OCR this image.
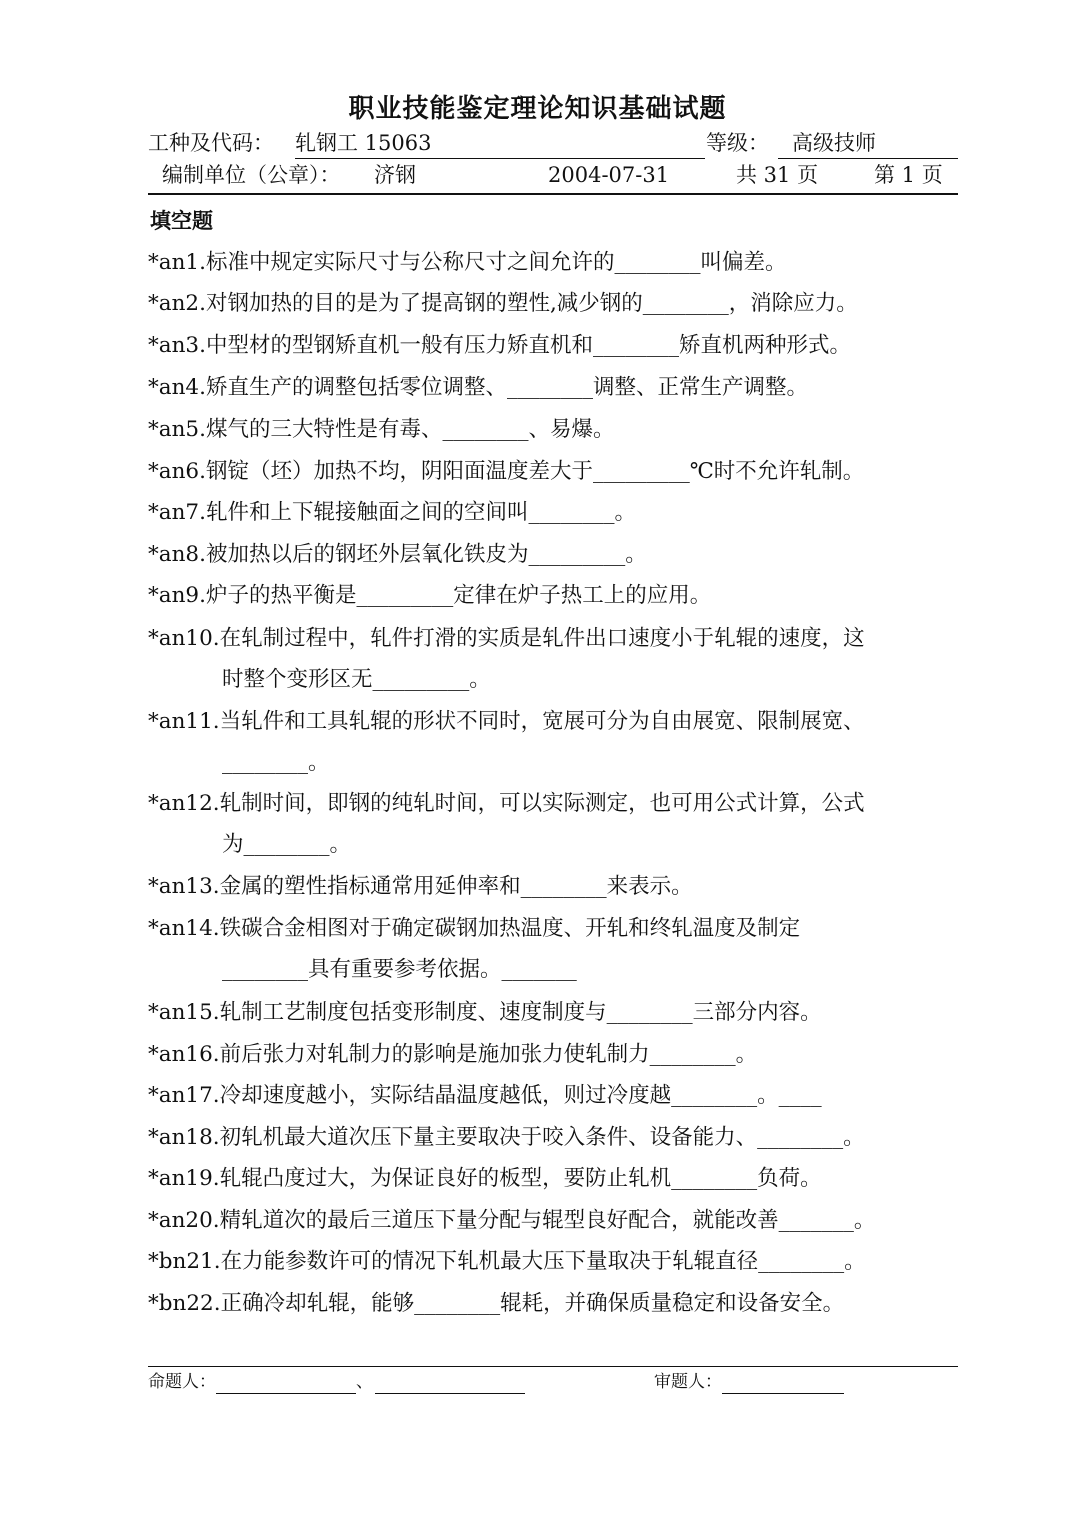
职业技能鉴定理论知识基础试题
工种及代码： 轧钢工 15063	等级：	高级技师
编制单位（公章）： 济钢	2004-07-31	共 31 页	第 1 页
填空题
*an1.标准中规定实际尺寸与公称尺寸之间允许的________叫偏差。
*an2.对钢加热的目的是为了提高钢的塑性,减少钢的________，消除应力。
*an3.中型材的型钢矫直机一般有压力矫直机和________矫直机两种形式。
*an4.矫直生产的调整包括零位调整、________调整、正常生产调整。
*an5.煤气的三大特性是有毒、________、易爆。
*an6.钢锭（坯）加热不均，阴阳面温度差大于_________℃时不允许轧制。
*an7.轧件和上下辊接触面之间的空间叫________。
*an8.被加热以后的钢坯外层氧化铁皮为_________。
*an9.炉子的热平衡是_________定律在炉子热工上的应用。
*an10.在轧制过程中，轧件打滑的实质是轧件出口速度小于轧辊的速度，这
时整个变形区无_________。
*an11.当轧件和工具轧辊的形状不同时，宽展可分为自由展宽、限制展宽、
________。
*an12.轧制时间，即钢的纯轧时间，可以实际测定，也可用公式计算，公式
为________。
*an13.金属的塑性指标通常用延伸率和________来表示。
*an14.铁碳合金相图对于确定碳钢加热温度、开轧和终轧温度及制定
________具有重要参考依据。_______
*an15.轧制工艺制度包括变形制度、速度制度与________三部分内容。
*an16.前后张力对轧制力的影响是施加张力使轧制力________。
*an17.冷却速度越小，实际结晶温度越低，则过冷度越________。____
*an18.初轧机最大道次压下量主要取决于咬入条件、设备能力、________。
*an19.轧辊凸度过大，为保证良好的板型，要防止轧机________负荷。
*an20.精轧道次的最后三道压下量分配与辊型良好配合，就能改善_______。
*bn21.在力能参数许可的情况下轧机最大压下量取决于轧辊直径________。
*bn22.正确冷却轧辊，能够________辊耗，并确保质量稳定和设备安全。
命题人：	、	审题人：
